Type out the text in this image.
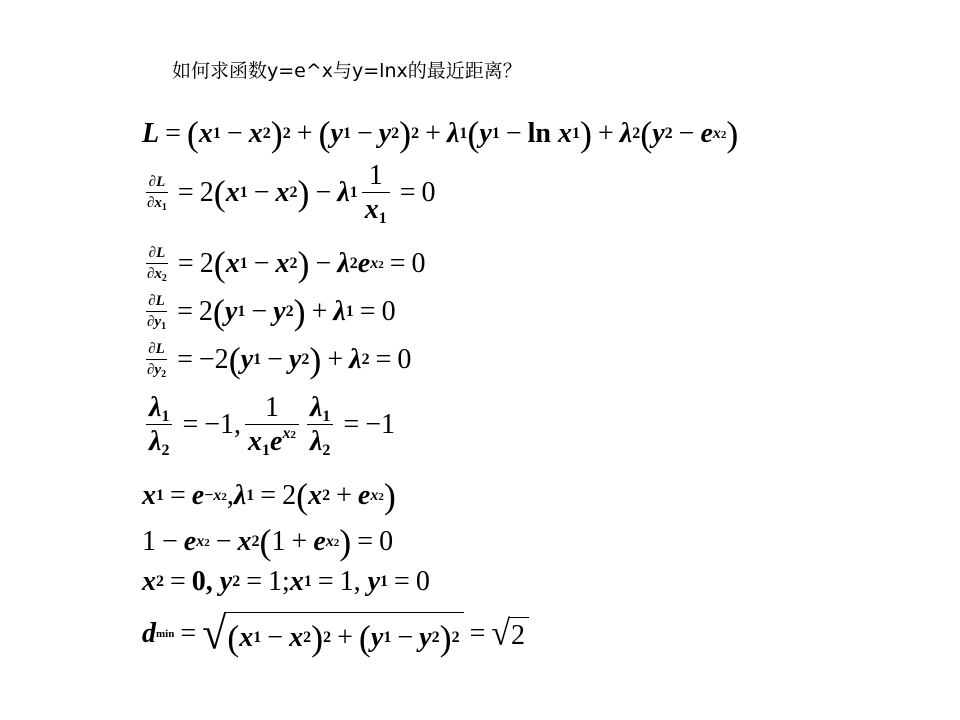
如何求函数y=e^x与y=lnx的最近距离？
L = ( x 1 − x 2 ) 2 + ( y 1 − y 2 ) 2 + λ 1 ( y 1 − ln
x 1 ) + λ 2 ( y 2 − e x2 )
$\frac{\partial L}{\partial x_1} = 2$ ( x 1 − x 2 ) − λ $1 \frac{1}{x_1} = 0$
$\frac{\partial L}{\partial x_2} = 2$ ( x 1 − x 2 ) − λ 2 e x2 = 0
$\frac{\partial L}{\partial y_1} = 2$ ( y 1 − y 2 ) + λ 1 = 0
$\frac{\partial L}{\partial y_2} = -2$ ( y 1 − y 2 ) + λ 2 = 0
$\frac{\lambda_1}{\lambda_2} = -1$, $\frac{1}{x_1e^{x2}} \frac{\lambda_1}{\lambda_2} = -1$
x 1 = e −x2 , λ 1 = 2 ( x 2 + e x2 )
1 − e x2 − x 2 ( 1 + e x2 ) = 0
x 2 = 0,
y 2 = 1; x 1 = 1,
y 1 = 0
d min = √ ( x 1 − x 2 ) 2 + ( y 1 − y 2 ) 2 = √ 2
